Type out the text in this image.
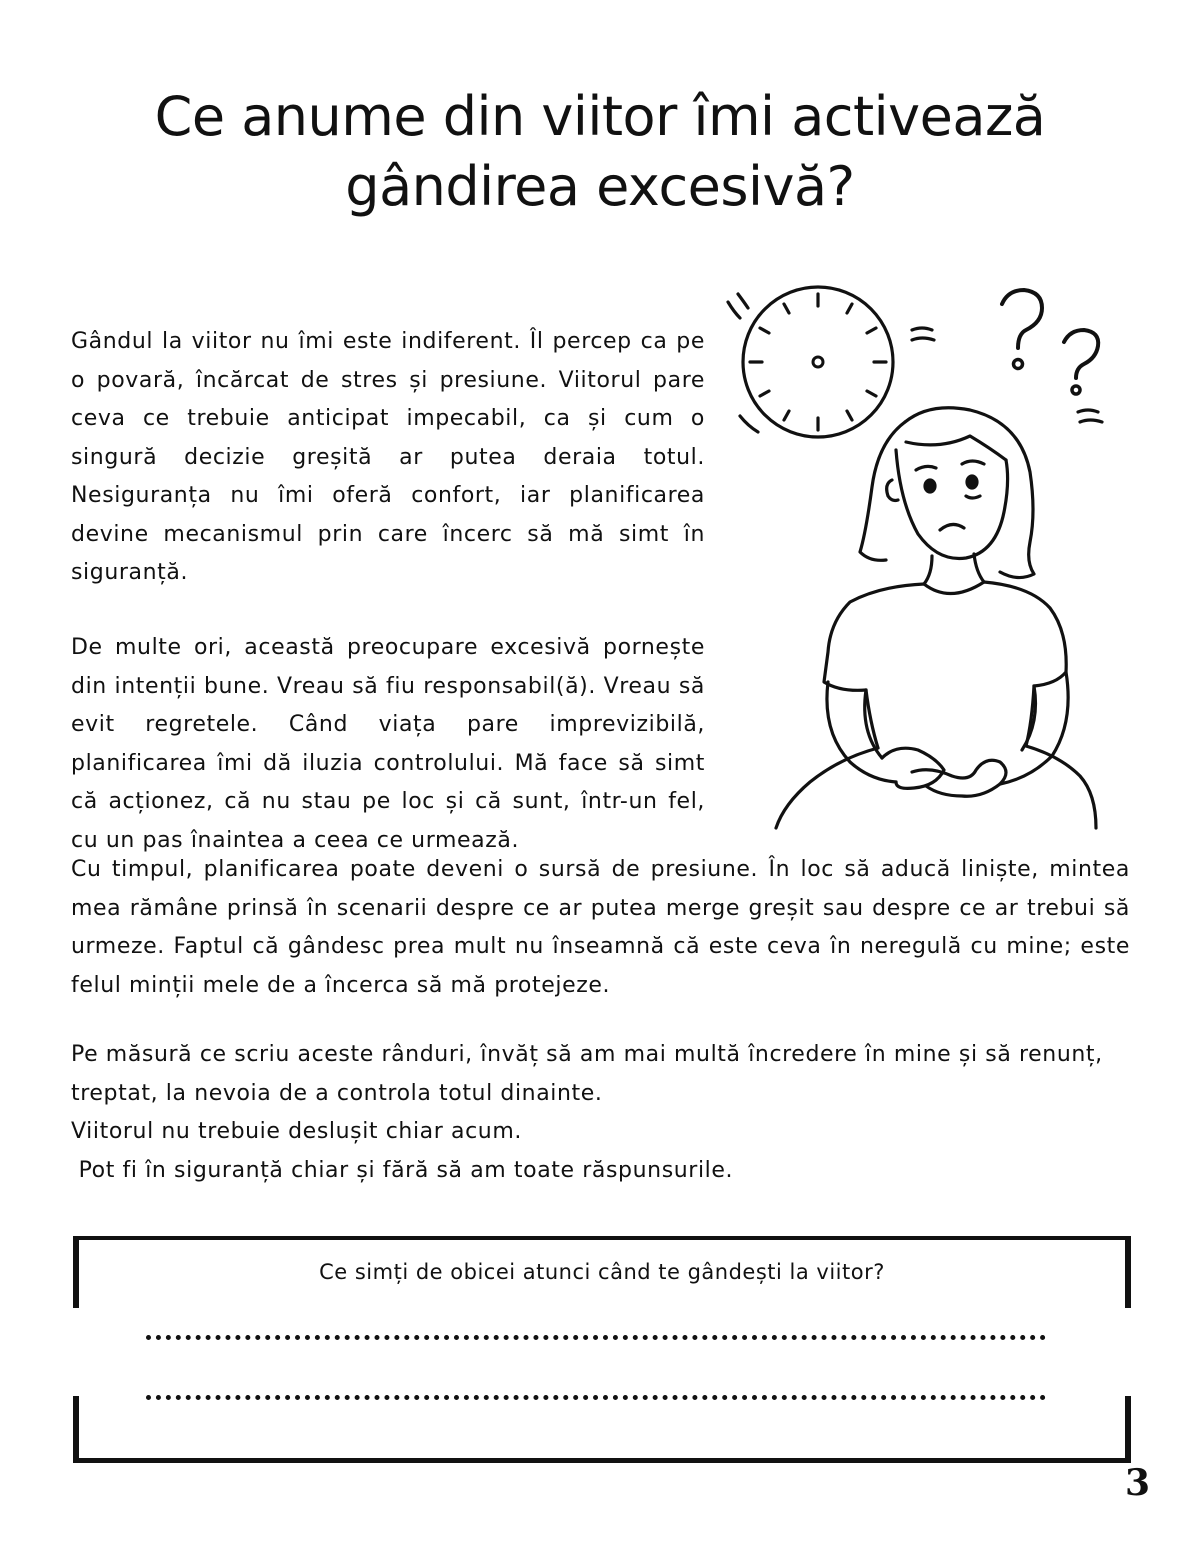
Ce anume din viitor îmi activează
gândirea excesivă?

Gândul la viitor nu îmi este indiferent. Îl percep ca pe o povară, încărcat de stres și presiune. Viitorul pare ceva ce trebuie anticipat impecabil, ca și cum o singură decizie greșită ar putea deraia totul. Nesiguranța nu îmi oferă confort, iar planificarea devine mecanismul prin care încerc să mă simt în siguranță.

De multe ori, această preocupare excesivă pornește din intenții bune. Vreau să fiu responsabil(ă). Vreau să evit regretele. Când viața pare imprevizibilă, planificarea îmi dă iluzia controlului. Mă face să simt că acționez, că nu stau pe loc și că sunt, într-un fel, cu un pas înaintea a ceea ce urmează.

Cu timpul, planificarea poate deveni o sursă de presiune. În loc să aducă liniște, mintea mea rămâne prinsă în scenarii despre ce ar putea merge greșit sau despre ce ar trebui să urmeze. Faptul că gândesc prea mult nu înseamnă că este ceva în neregulă cu mine; este felul minții mele de a încerca să mă protejeze.

Pe măsură ce scriu aceste rânduri, învăț să am mai multă încredere în mine și să renunț, treptat, la nevoia de a controla totul dinainte.
Viitorul nu trebuie deslușit chiar acum.
Pot fi în siguranță chiar și fără să am toate răspunsurile.
Ce simți de obicei atunci când te gândești la viitor?
3
